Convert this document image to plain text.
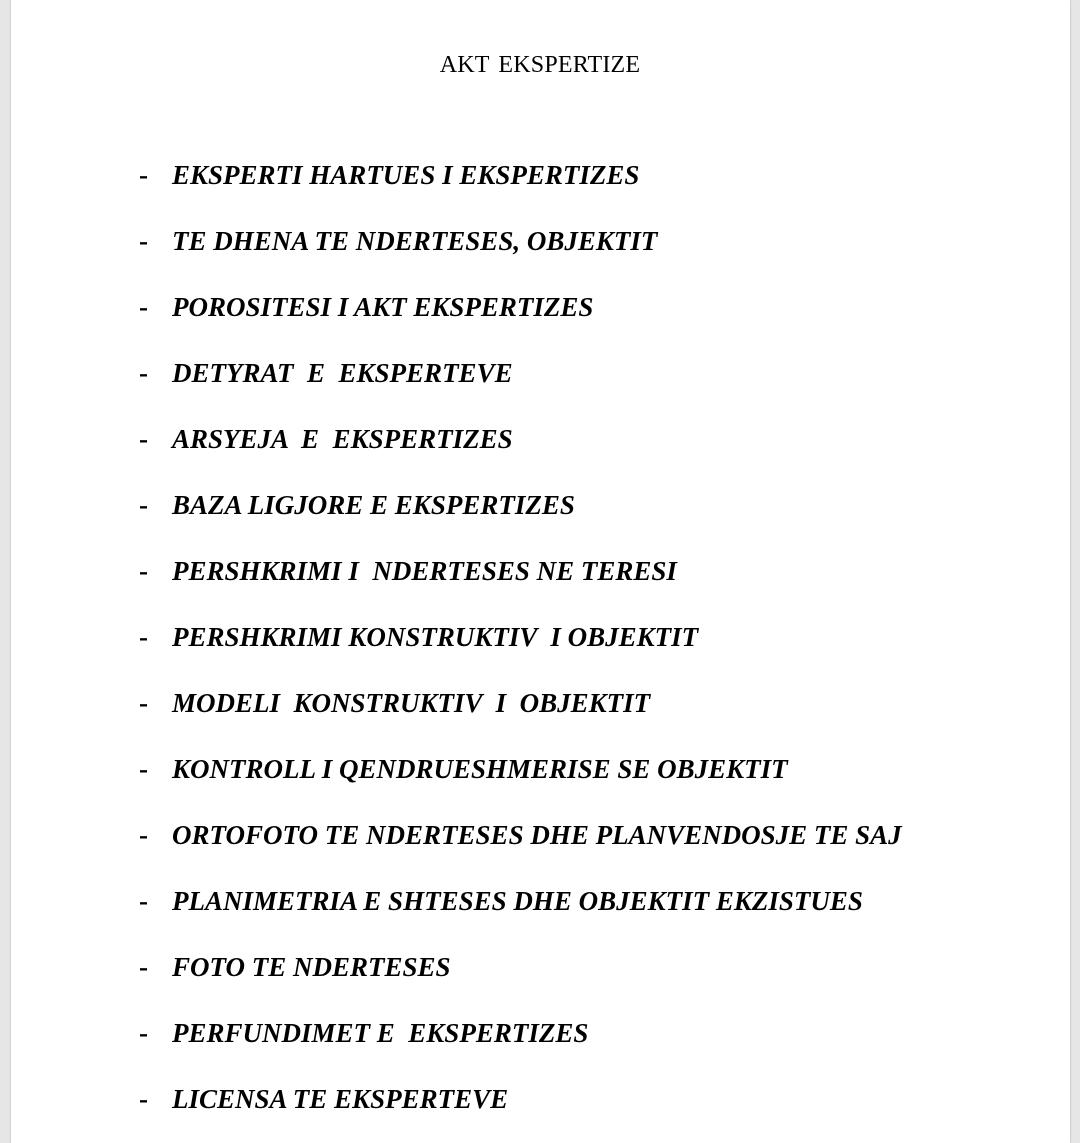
AKT EKSPERTIZE
- EKSPERTI HARTUES I EKSPERTIZES
- TE DHENA TE NDERTESES, OBJEKTIT
- POROSITESI I AKT EKSPERTIZES
- DETYRAT  E  EKSPERTEVE
- ARSYEJA  E  EKSPERTIZES
- BAZA LIGJORE E EKSPERTIZES
- PERSHKRIMI I  NDERTESES NE TERESI
- PERSHKRIMI KONSTRUKTIV  I OBJEKTIT
- MODELI  KONSTRUKTIV  I  OBJEKTIT
- KONTROLL I QENDRUESHMERISE SE OBJEKTIT
- ORTOFOTO TE NDERTESES DHE PLANVENDOSJE TE SAJ
- PLANIMETRIA E SHTESES DHE OBJEKTIT EKZISTUES
- FOTO TE NDERTESES
- PERFUNDIMET E  EKSPERTIZES
- LICENSA TE EKSPERTEVE
